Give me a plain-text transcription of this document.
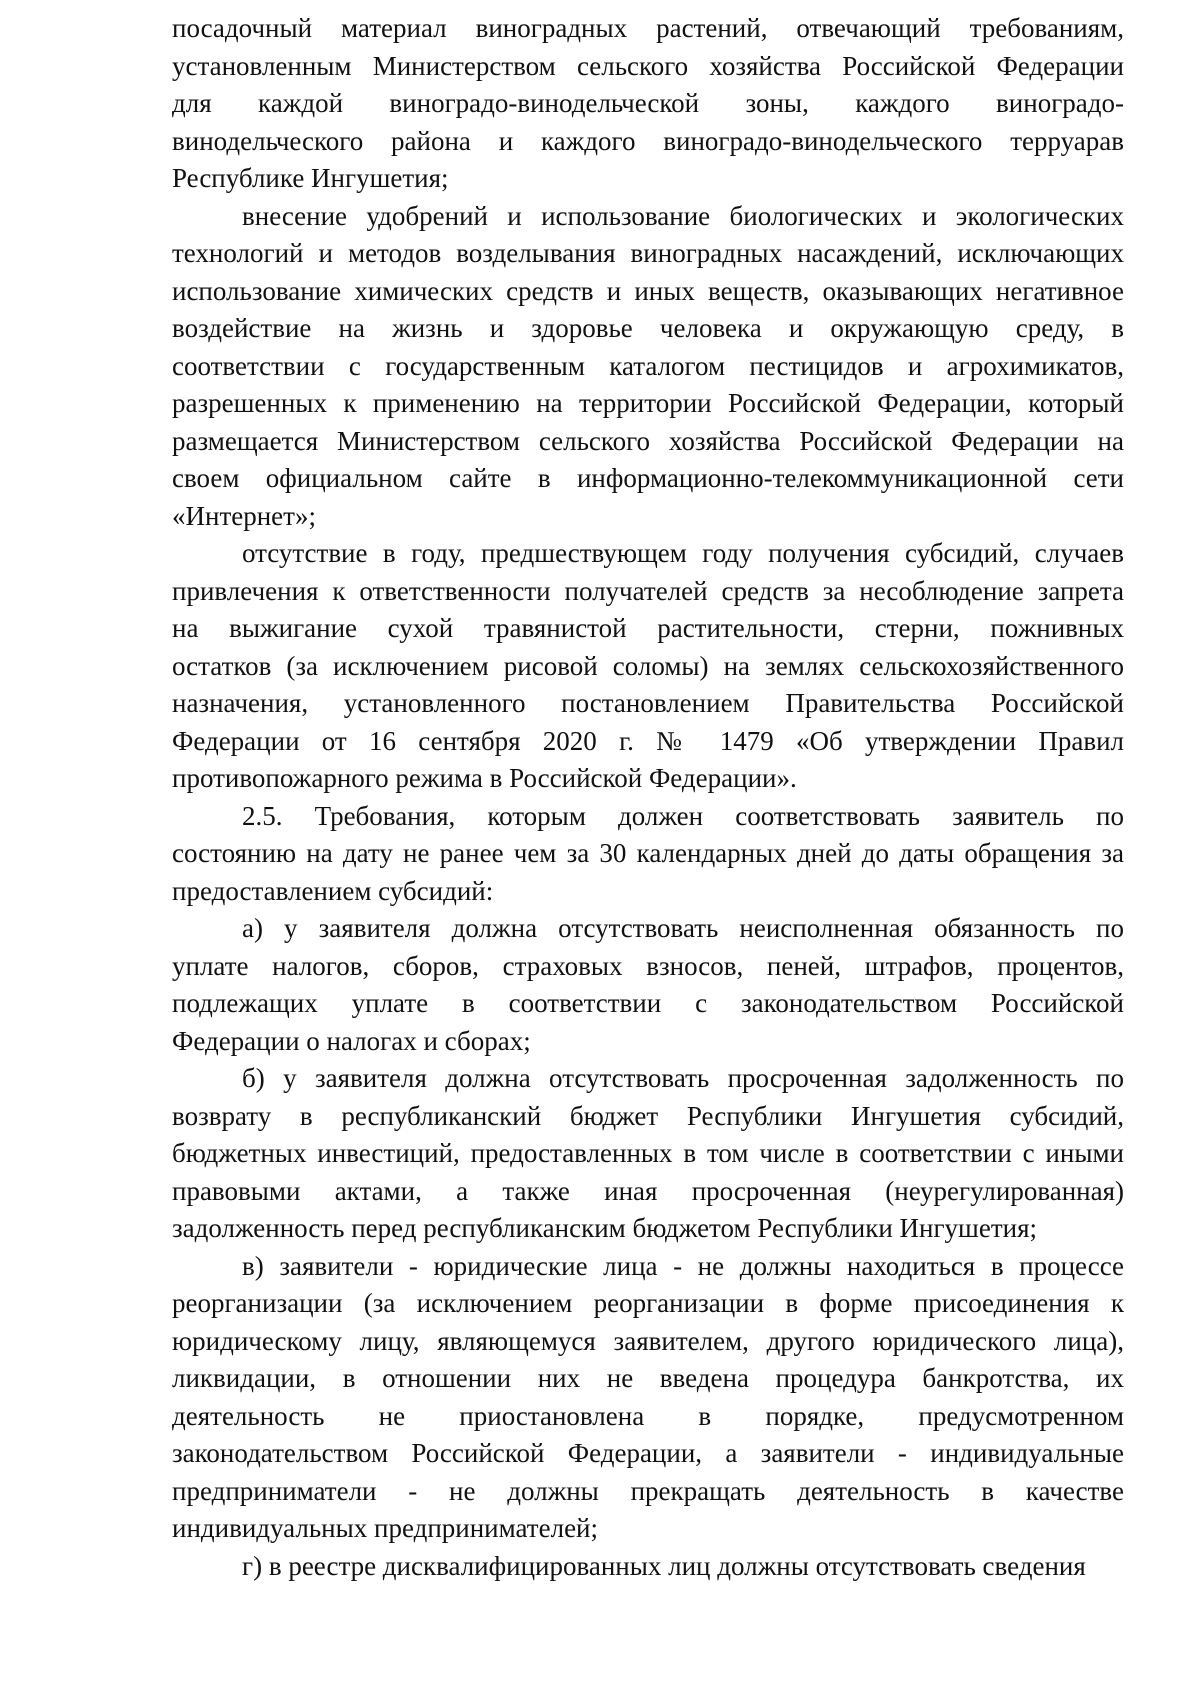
посадочный материал виноградных растений, отвечающий требованиям,
установленным Министерством сельского хозяйства Российской Федерации
для каждой виноградо-винодельческой зоны, каждого виноградо-
винодельческого района и каждого виноградо-винодельческого терруарав
Республике Ингушетия;
внесение удобрений и использование биологических и экологических
технологий и методов возделывания виноградных насаждений, исключающих
использование химических средств и иных веществ, оказывающих негативное
воздействие на жизнь и здоровье человека и окружающую среду, в
соответствии с государственным каталогом пестицидов и агрохимикатов,
разрешенных к применению на территории Российской Федерации, который
размещается Министерством сельского хозяйства Российской Федерации на
своем официальном сайте в информационно-телекоммуникационной сети
«Интернет»;
отсутствие в году, предшествующем году получения субсидий, случаев
привлечения к ответственности получателей средств за несоблюдение запрета
на выжигание сухой травянистой растительности, стерни, пожнивных
остатков (за исключением рисовой соломы) на землях сельскохозяйственного
назначения, установленного постановлением Правительства Российской
Федерации от 16 сентября 2020 г. № 1479 «Об утверждении Правил
противопожарного режима в Российской Федерации».
2.5. Требования, которым должен соответствовать заявитель по
состоянию на дату не ранее чем за 30 календарных дней до даты обращения за
предоставлением субсидий:
а) у заявителя должна отсутствовать неисполненная обязанность по
уплате налогов, сборов, страховых взносов, пеней, штрафов, процентов,
подлежащих уплате в соответствии с законодательством Российской
Федерации о налогах и сборах;
б) у заявителя должна отсутствовать просроченная задолженность по
возврату в республиканский бюджет Республики Ингушетия субсидий,
бюджетных инвестиций, предоставленных в том числе в соответствии с иными
правовыми актами, а также иная просроченная (неурегулированная)
задолженность перед республиканским бюджетом Республики Ингушетия;
в) заявители - юридические лица - не должны находиться в процессе
реорганизации (за исключением реорганизации в форме присоединения к
юридическому лицу, являющемуся заявителем, другого юридического лица),
ликвидации, в отношении них не введена процедура банкротства, их
деятельность не приостановлена в порядке, предусмотренном
законодательством Российской Федерации, а заявители - индивидуальные
предприниматели - не должны прекращать деятельность в качестве
индивидуальных предпринимателей;
г) в реестре дисквалифицированных лиц должны отсутствовать сведения
